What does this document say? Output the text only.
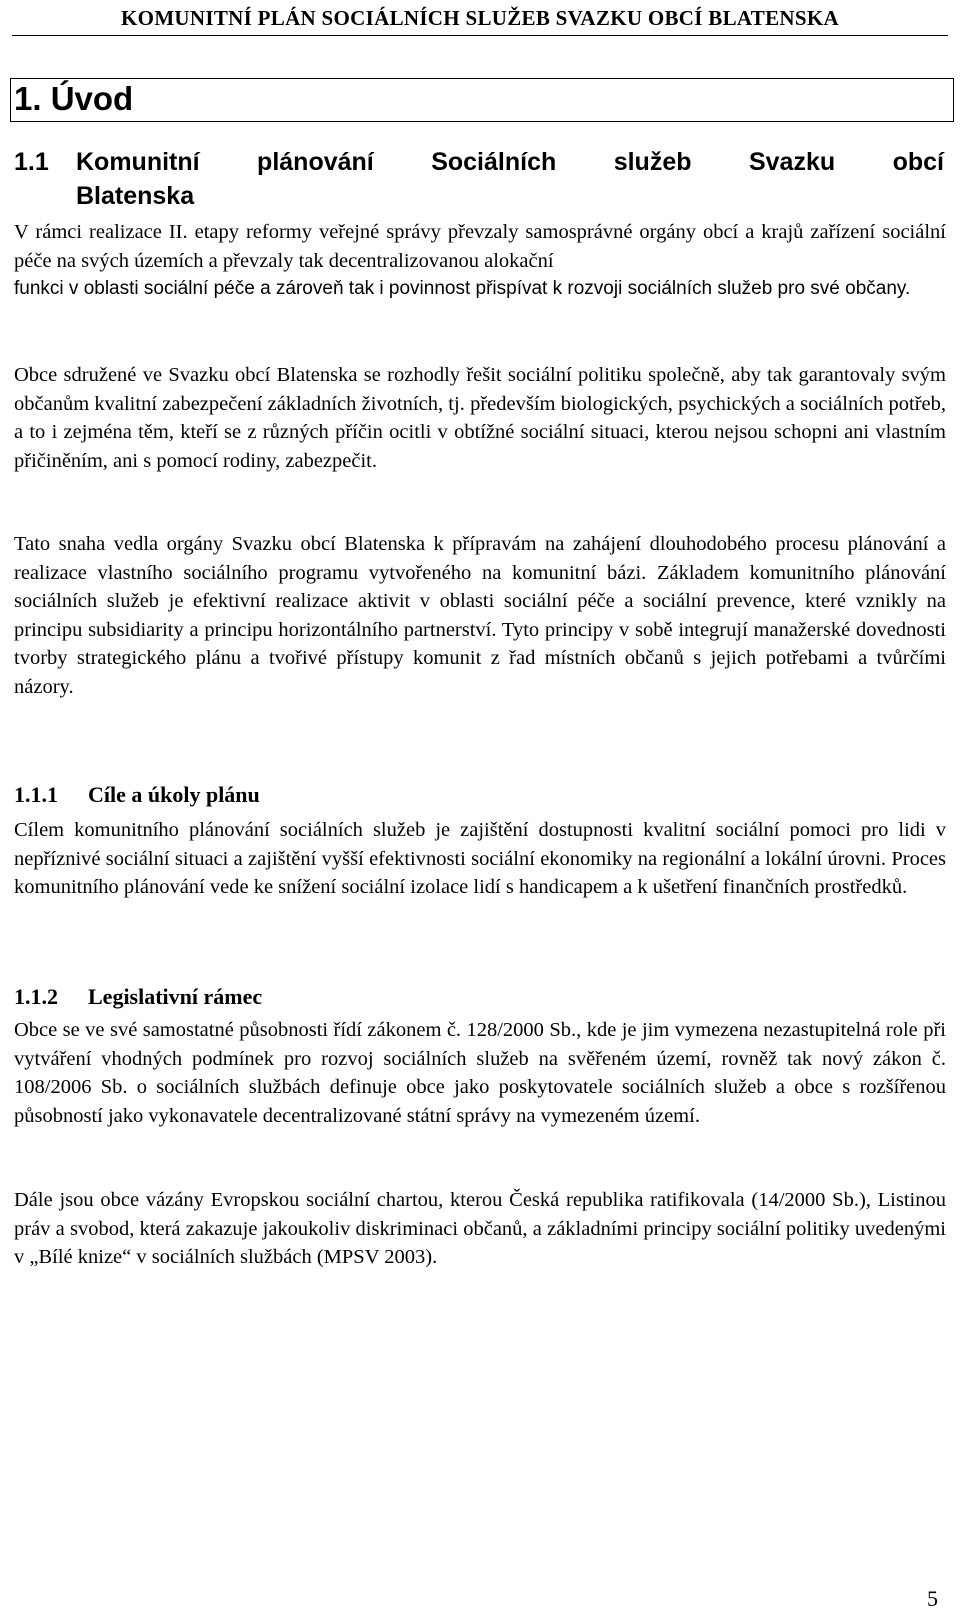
KOMUNITNÍ PLÁN SOCIÁLNÍCH SLUŽEB SVAZKU OBCÍ BLATENSKA
1. Úvod
1.1 Komunitní plánování Sociálních služeb Svazku obcí
Blatenska

V rámci realizace II. etapy reformy veřejné správy převzaly samosprávné orgány obcí a krajů zařízení sociální péče na svých územích a převzaly tak decentralizovanou alokační

funkci v oblasti sociální péče a zároveň tak i povinnost přispívat k rozvoji sociálních služeb pro své občany.

Obce sdružené ve Svazku obcí Blatenska se rozhodly řešit sociální politiku společně, aby tak garantovaly svým občanům kvalitní zabezpečení základních životních, tj. především biologických, psychických a sociálních potřeb, a to i zejména těm, kteří se z různých příčin ocitli v obtížné sociální situaci, kterou nejsou schopni ani vlastním přičiněním, ani s pomocí rodiny, zabezpečit.

Tato snaha vedla orgány Svazku obcí Blatenska k přípravám na zahájení dlouhodobého procesu plánování a realizace vlastního sociálního programu vytvořeného na komunitní bázi. Základem komunitního plánování sociálních služeb je efektivní realizace aktivit v oblasti sociální péče a sociální prevence, které vznikly na principu subsidiarity a principu horizontálního partnerství. Tyto principy v sobě integrují manažerské dovednosti tvorby strategického plánu a tvořivé přístupy komunit z řad místních občanů s jejich potřebami a tvůrčími názory.

1.1.1 Cíle a úkoly plánu

Cílem komunitního plánování sociálních služeb je zajištění dostupnosti kvalitní sociální pomoci pro lidi v nepříznivé sociální situaci a zajištění vyšší efektivnosti sociální ekonomiky na regionální a lokální úrovni. Proces komunitního plánování vede ke snížení sociální izolace lidí s handicapem a k ušetření finančních prostředků.

1.1.2 Legislativní rámec

Obce se ve své samostatné působnosti řídí zákonem č. 128/2000 Sb., kde je jim vymezena nezastupitelná role při vytváření vhodných podmínek pro rozvoj sociálních služeb na svěřeném území, rovněž tak nový zákon č. 108/2006 Sb. o sociálních službách definuje obce jako poskytovatele sociálních služeb a obce s rozšířenou působností jako vykonavatele decentralizované státní správy na vymezeném území.

Dále jsou obce vázány Evropskou sociální chartou, kterou Česká republika ratifikovala (14/2000 Sb.), Listinou práv a svobod, která zakazuje jakoukoliv diskriminaci občanů, a základními principy sociální politiky uvedenými v „Bílé knize“ v sociálních službách (MPSV 2003).

5
